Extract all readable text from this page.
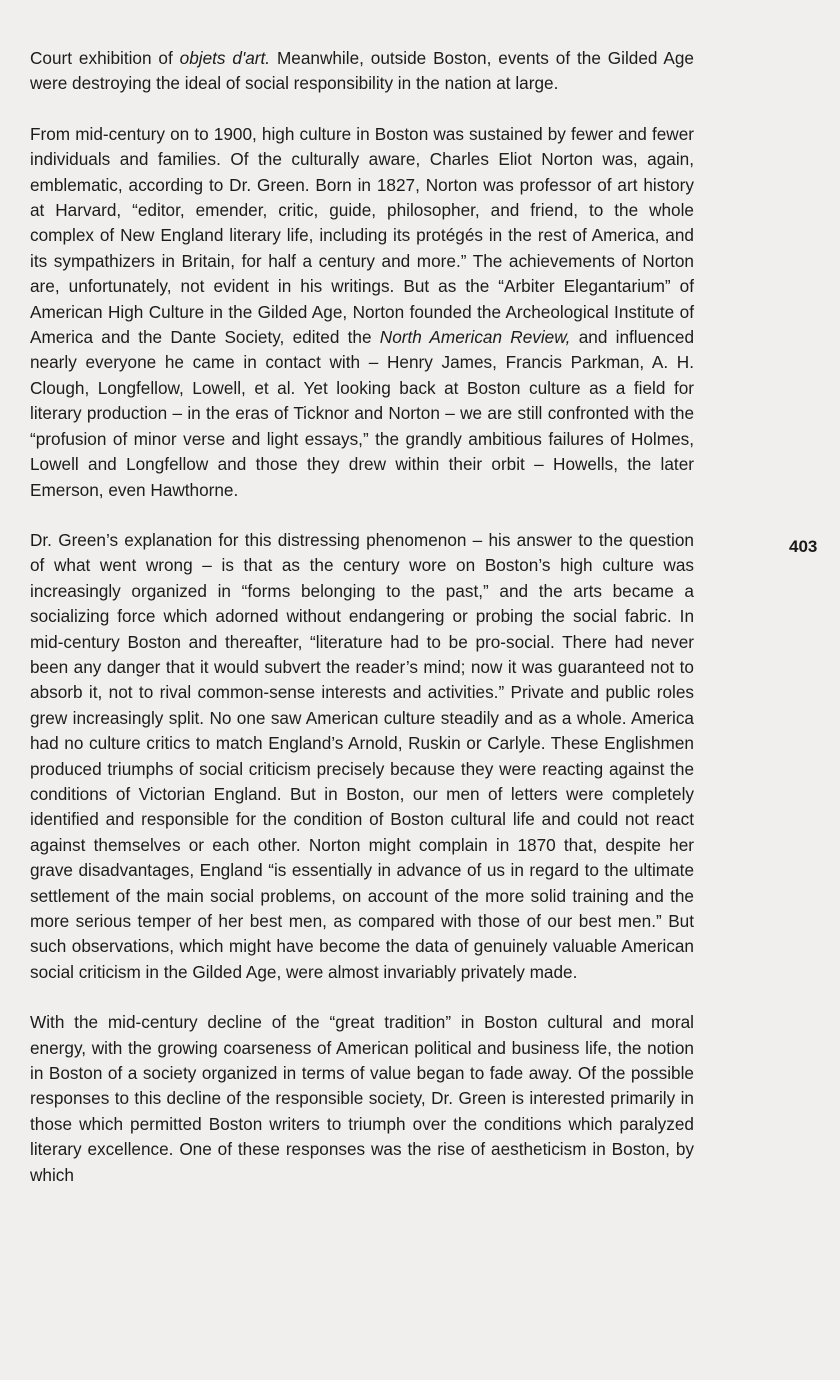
Court exhibition of objets d'art. Meanwhile, outside Boston, events of the Gilded Age were destroying the ideal of social responsibility in the nation at large.

From mid-century on to 1900, high culture in Boston was sustained by fewer and fewer individuals and families. Of the culturally aware, Charles Eliot Norton was, again, emblematic, according to Dr. Green. Born in 1827, Norton was professor of art history at Harvard, “editor, emender, critic, guide, philosopher, and friend, to the whole complex of New England literary life, including its protégés in the rest of America, and its sympathizers in Britain, for half a century and more.” The achievements of Norton are, unfortunately, not evident in his writings. But as the “Arbiter Elegantarium” of American High Culture in the Gilded Age, Norton founded the Archeological Institute of America and the Dante Society, edited the North American Review, and influenced nearly everyone he came in contact with – Henry James, Francis Parkman, A. H. Clough, Longfellow, Lowell, et al. Yet looking back at Boston culture as a field for literary production – in the eras of Ticknor and Norton – we are still confronted with the “profusion of minor verse and light essays,” the grandly ambitious failures of Holmes, Lowell and Longfellow and those they drew within their orbit – Howells, the later Emerson, even Hawthorne.

Dr. Green’s explanation for this distressing phenomenon – his answer to the question of what went wrong – is that as the century wore on Boston’s high culture was increasingly organized in “forms belonging to the past,” and the arts became a socializing force which adorned without endangering or probing the social fabric. In mid-century Boston and thereafter, “literature had to be pro-social. There had never been any danger that it would subvert the reader’s mind; now it was guaranteed not to absorb it, not to rival common-sense interests and activities.” Private and public roles grew increasingly split. No one saw American culture steadily and as a whole. America had no culture critics to match England’s Arnold, Ruskin or Carlyle. These Englishmen produced triumphs of social criticism precisely because they were reacting against the conditions of Victorian England. But in Boston, our men of letters were completely identified and responsible for the condition of Boston cultural life and could not react against themselves or each other. Norton might complain in 1870 that, despite her grave disadvantages, England “is essentially in advance of us in regard to the ultimate settlement of the main social problems, on account of the more solid training and the more serious temper of her best men, as compared with those of our best men.” But such observations, which might have become the data of genuinely valuable American social criticism in the Gilded Age, were almost invariably privately made.

With the mid-century decline of the “great tradition” in Boston cultural and moral energy, with the growing coarseness of American political and business life, the notion in Boston of a society organized in terms of value began to fade away. Of the possible responses to this decline of the responsible society, Dr. Green is interested primarily in those which permitted Boston writers to triumph over the conditions which paralyzed literary excellence. One of these responses was the rise of aestheticism in Boston, by which

403
